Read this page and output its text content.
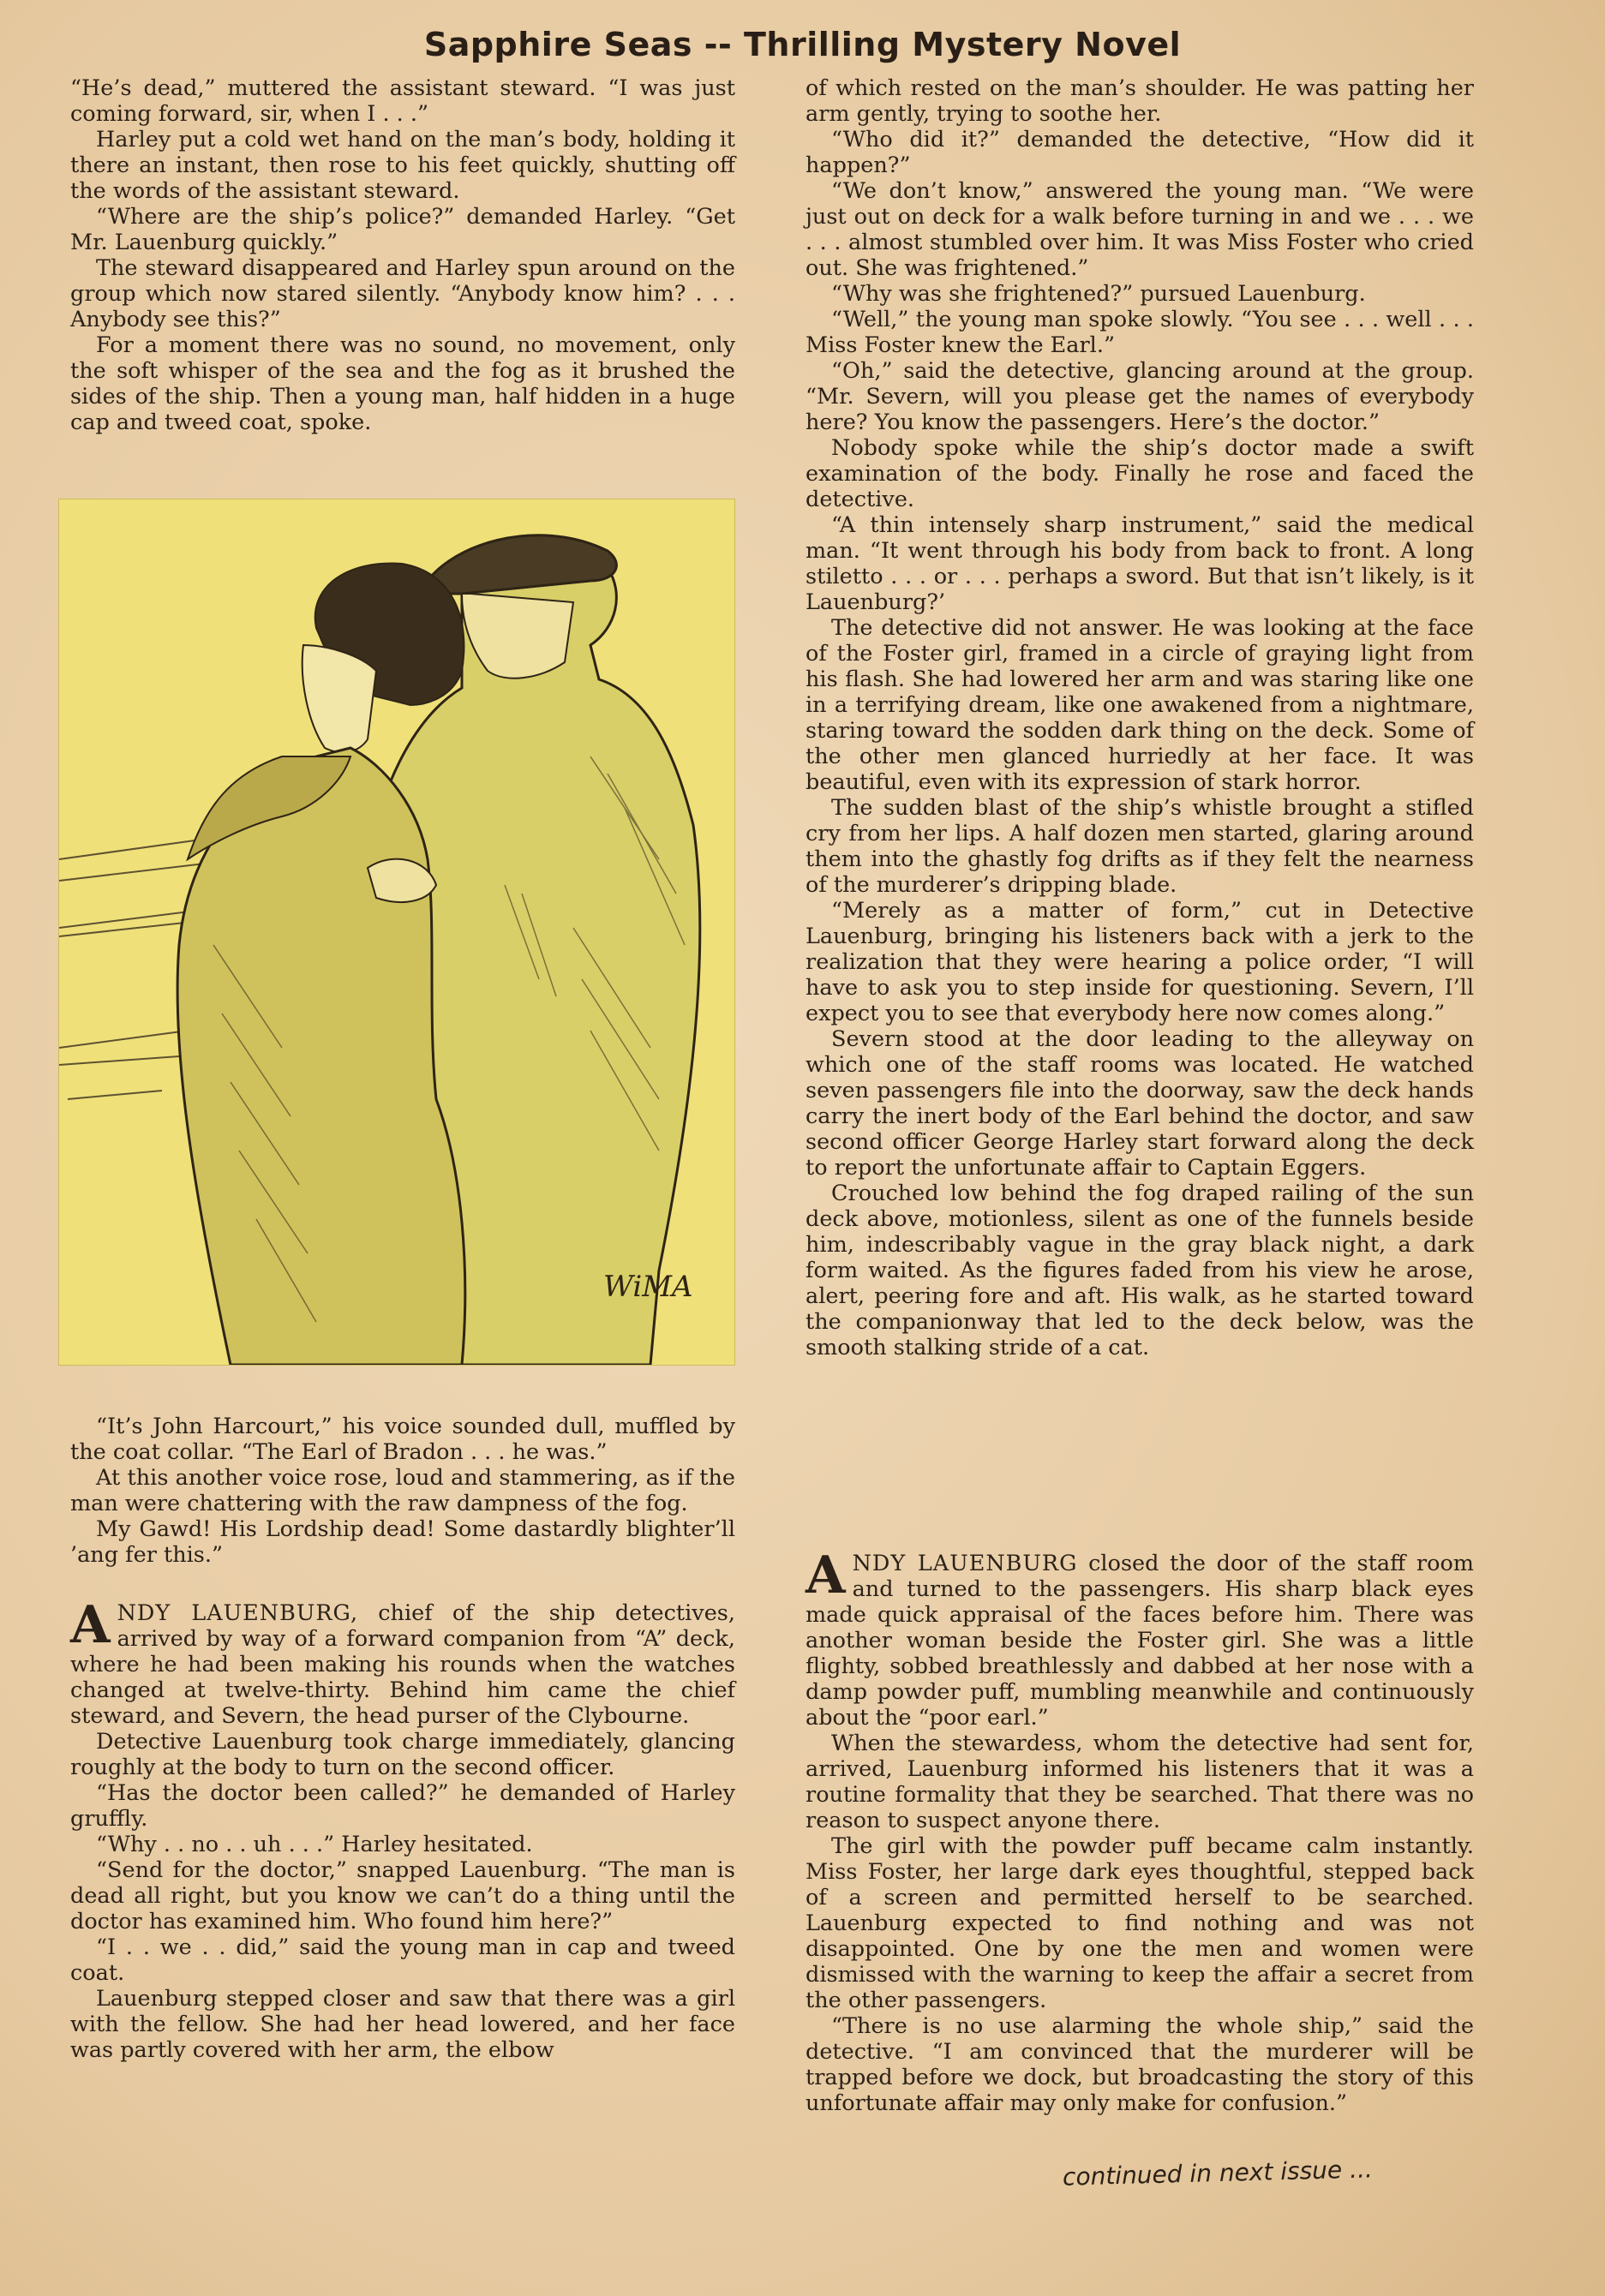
Sapphire Seas -- Thrilling Mystery Novel

“He’s dead,” muttered the assistant steward. “I was just coming forward, sir, when I . . .”

Harley put a cold wet hand on the man’s body, holding it there an instant, then rose to his feet quickly, shutting off the words of the assistant steward.

“Where are the ship’s police?” demanded Harley. “Get Mr. Lauenburg quickly.”

The steward disappeared and Harley spun around on the group which now stared silently. “Anybody know him? . . . Anybody see this?”

For a moment there was no sound, no movement, only the soft whisper of the sea and the fog as it brushed the sides of the ship. Then a young man, half hidden in a huge cap and tweed coat, spoke.

WiMA

“It’s John Harcourt,” his voice sounded dull, muffled by the coat collar. “The Earl of Bradon . . . he was.”

At this another voice rose, loud and stammering, as if the man were chattering with the raw dampness of the fog.

My Gawd! His Lordship dead! Some dastardly blighter’ll ’ang fer this.”

ANDY LAUENBURG, chief of the ship detectives, arrived by way of a forward companion from “A” deck, where he had been making his rounds when the watches changed at twelve-thirty. Behind him came the chief steward, and Severn, the head purser of the Clybourne.

Detective Lauenburg took charge immediately, glancing roughly at the body to turn on the second officer.

“Has the doctor been called?” he demanded of Harley gruffly.

“Why . . no . . uh . . .” Harley hesitated.

“Send for the doctor,” snapped Lauenburg. “The man is dead all right, but you know we can’t do a thing until the doctor has examined him. Who found him here?”

“I . . we . . did,” said the young man in cap and tweed coat.

Lauenburg stepped closer and saw that there was a girl with the fellow. She had her head lowered, and her face was partly covered with her arm, the elbow

of which rested on the man’s shoulder. He was patting her arm gently, trying to soothe her.

“Who did it?” demanded the detective, “How did it happen?”

“We don’t know,” answered the young man. “We were just out on deck for a walk before turning in and we . . . we . . . almost stumbled over him. It was Miss Foster who cried out. She was frightened.”

“Why was she frightened?” pursued Lauenburg.

“Well,” the young man spoke slowly. “You see . . . well . . . Miss Foster knew the Earl.”

“Oh,” said the detective, glancing around at the group. “Mr. Severn, will you please get the names of everybody here? You know the passengers. Here’s the doctor.”

Nobody spoke while the ship’s doctor made a swift examination of the body. Finally he rose and faced the detective.

“A thin intensely sharp instrument,” said the medical man. “It went through his body from back to front. A long stiletto . . . or . . . perhaps a sword. But that isn’t likely, is it Lauenburg?’

The detective did not answer. He was looking at the face of the Foster girl, framed in a circle of graying light from his flash. She had lowered her arm and was staring like one in a terrifying dream, like one awakened from a nightmare, staring toward the sodden dark thing on the deck. Some of the other men glanced hurriedly at her face. It was beautiful, even with its expression of stark horror.

The sudden blast of the ship’s whistle brought a stifled cry from her lips. A half dozen men started, glaring around them into the ghastly fog drifts as if they felt the nearness of the murderer’s dripping blade.

“Merely as a matter of form,” cut in Detective Lauenburg, bringing his listeners back with a jerk to the realization that they were hearing a police order, “I will have to ask you to step inside for questioning. Severn, I’ll expect you to see that everybody here now comes along.”

Severn stood at the door leading to the alleyway on which one of the staff rooms was located. He watched seven passengers file into the doorway, saw the deck hands carry the inert body of the Earl behind the doctor, and saw second officer George Harley start forward along the deck to report the unfortunate affair to Captain Eggers.

Crouched low behind the fog draped railing of the sun deck above, motionless, silent as one of the funnels beside him, indescribably vague in the gray black night, a dark form waited. As the figures faded from his view he arose, alert, peering fore and aft. His walk, as he started toward the companionway that led to the deck below, was the smooth stalking stride of a cat.

ANDY LAUENBURG closed the door of the staff room and turned to the passengers. His sharp black eyes made quick appraisal of the faces before him. There was another woman beside the Foster girl. She was a little flighty, sobbed breathlessly and dabbed at her nose with a damp powder puff, mumbling meanwhile and continuously about the “poor earl.”

When the stewardess, whom the detective had sent for, arrived, Lauenburg informed his listeners that it was a routine formality that they be searched. That there was no reason to suspect anyone there.

The girl with the powder puff became calm instantly. Miss Foster, her large dark eyes thoughtful, stepped back of a screen and permitted herself to be searched. Lauenburg expected to find nothing and was not disappointed. One by one the men and women were dismissed with the warning to keep the affair a secret from the other passengers.

“There is no use alarming the whole ship,” said the detective. “I am convinced that the murderer will be trapped before we dock, but broadcasting the story of this unfortunate affair may only make for confusion.”

continued in next issue ...
